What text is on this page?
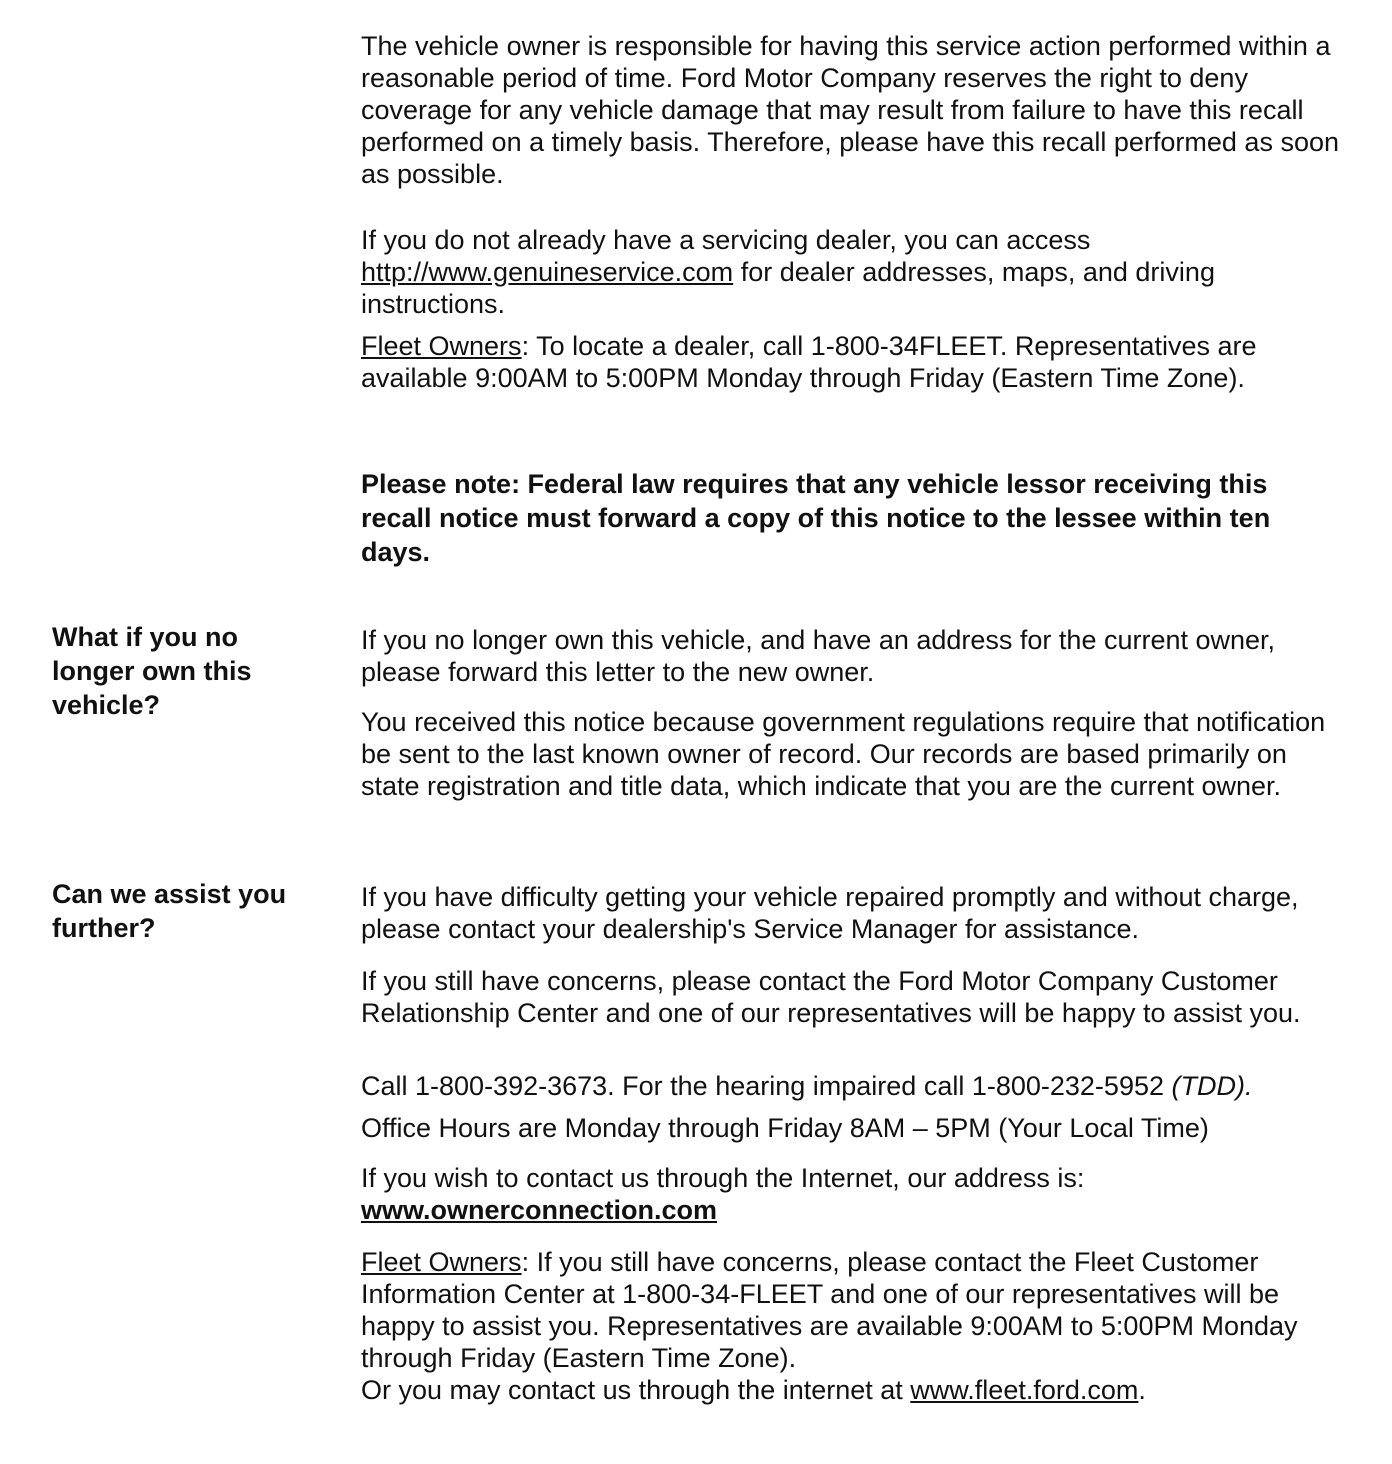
The vehicle owner is responsible for having this service action performed within a reasonable period of time. Ford Motor Company reserves the right to deny coverage for any vehicle damage that may result from failure to have this recall performed on a timely basis. Therefore, please have this recall performed as soon as possible.

If you do not already have a servicing dealer, you can access http://www.genuineservice.com for dealer addresses, maps, and driving instructions.

Fleet Owners: To locate a dealer, call 1-800-34FLEET. Representatives are available 9:00AM to 5:00PM Monday through Friday (Eastern Time Zone).

Please note: Federal law requires that any vehicle lessor receiving this recall notice must forward a copy of this notice to the lessee within ten days.

What if you no longer own this vehicle?

If you no longer own this vehicle, and have an address for the current owner, please forward this letter to the new owner.

You received this notice because government regulations require that notification be sent to the last known owner of record. Our records are based primarily on state registration and title data, which indicate that you are the current owner.

Can we assist you further?

If you have difficulty getting your vehicle repaired promptly and without charge, please contact your dealership's Service Manager for assistance.

If you still have concerns, please contact the Ford Motor Company Customer Relationship Center and one of our representatives will be happy to assist you.

Call 1-800-392-3673. For the hearing impaired call 1-800-232-5952 (TDD).

Office Hours are Monday through Friday 8AM – 5PM (Your Local Time)

If you wish to contact us through the Internet, our address is:

www.ownerconnection.com

Fleet Owners: If you still have concerns, please contact the Fleet Customer Information Center at 1-800-34-FLEET and one of our representatives will be happy to assist you. Representatives are available 9:00AM to 5:00PM Monday through Friday (Eastern Time Zone).

Or you may contact us through the internet at www.fleet.ford.com.
